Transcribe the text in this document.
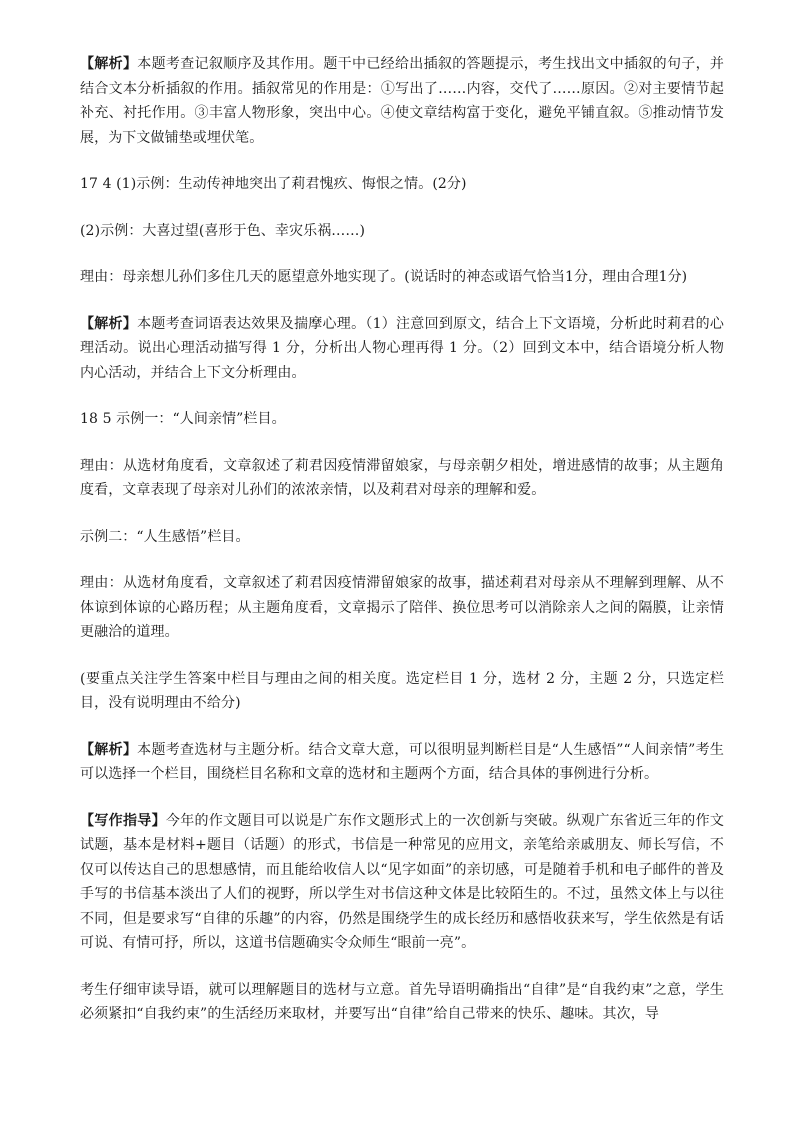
【解析】本题考查记叙顺序及其作用。题干中已经给出插叙的答题提示，考生找出文中插叙的句子，并结合文本分析插叙的作用。插叙常见的作用是：①写出了……内容，交代了……原因。②对主要情节起补充、衬托作用。③丰富人物形象，突出中心。④使文章结构富于变化，避免平铺直叙。⑤推动情节发展，为下文做铺垫或埋伏笔。

17 4 (1)示例：生动传神地突出了莉君愧疚、悔恨之情。(2分)

(2)示例：大喜过望(喜形于色、幸灾乐祸……)

理由：母亲想儿孙们多住几天的愿望意外地实现了。(说话时的神态或语气恰当1分，理由合理1分)

【解析】本题考查词语表达效果及揣摩心理。（1）注意回到原文，结合上下文语境，分析此时莉君的心理活动。说出心理活动描写得 1 分，分析出人物心理再得 1 分。（2）回到文本中，结合语境分析人物内心活动，并结合上下文分析理由。

18 5 示例一：“人间亲情”栏目。

理由：从选材角度看，文章叙述了莉君因疫情滞留娘家，与母亲朝夕相处，增进感情的故事；从主题角度看，文章表现了母亲对儿孙们的浓浓亲情，以及莉君对母亲的理解和爱。

示例二：“人生感悟”栏目。

理由：从选材角度看，文章叙述了莉君因疫情滞留娘家的故事，描述莉君对母亲从不理解到理解、从不体谅到体谅的心路历程；从主题角度看，文章揭示了陪伴、换位思考可以消除亲人之间的隔膜，让亲情更融洽的道理。

(要重点关注学生答案中栏目与理由之间的相关度。选定栏目 1 分，选材 2 分，主题 2 分，只选定栏目，没有说明理由不给分)

【解析】本题考查选材与主题分析。结合文章大意，可以很明显判断栏目是“人生感悟”“人间亲情”考生可以选择一个栏目，围绕栏目名称和文章的选材和主题两个方面，结合具体的事例进行分析。

【写作指导】今年的作文题目可以说是广东作文题形式上的一次创新与突破。纵观广东省近三年的作文试题，基本是材料+题目（话题）的形式，书信是一种常见的应用文，亲笔给亲戚朋友、师长写信，不仅可以传达自己的思想感情，而且能给收信人以“见字如面”的亲切感，可是随着手机和电子邮件的普及手写的书信基本淡出了人们的视野，所以学生对书信这种文体是比较陌生的。不过，虽然文体上与以往不同，但是要求写“自律的乐趣”的内容，仍然是围绕学生的成长经历和感悟收获来写，学生依然是有话可说、有情可抒，所以，这道书信题确实令众师生“眼前一亮”。

考生仔细审读导语，就可以理解题目的选材与立意。首先导语明确指出“自律”是“自我约束”之意，学生必须紧扣“自我约束”的生活经历来取材，并要写出“自律”给自己带来的快乐、趣味。其次，导
